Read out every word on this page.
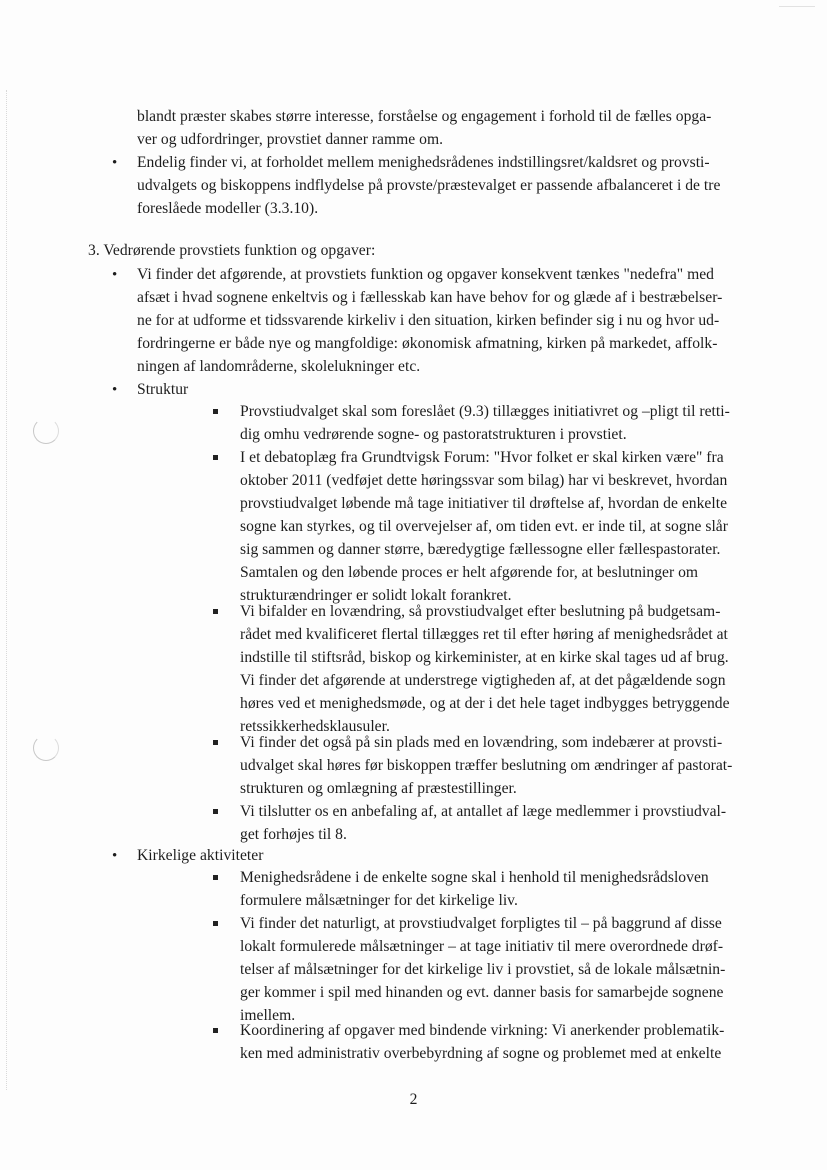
blandt præster skabes større interesse, forståelse og engagement i forhold til de fælles opga-
ver og udfordringer, provstiet danner ramme om.
•
Endelig finder vi, at forholdet mellem menighedsrådenes indstillingsret/kaldsret og provsti-
udvalgets og biskoppens indflydelse på provste/præstevalget er passende afbalanceret i de tre
foreslåede modeller (3.3.10).
3. Vedrørende provstiets funktion og opgaver:
•
Vi finder det afgørende, at provstiets funktion og opgaver konsekvent tænkes "nedefra" med
afsæt i hvad sognene enkeltvis og i fællesskab kan have behov for og glæde af i bestræbelser-
ne for at udforme et tidssvarende kirkeliv i den situation, kirken befinder sig i nu og hvor ud-
fordringerne er både nye og mangfoldige: økonomisk afmatning, kirken på markedet, affolk-
ningen af landområderne, skolelukninger etc.
•
Struktur
Provstiudvalget skal som foreslået (9.3) tillægges initiativret og –pligt til retti-
dig omhu vedrørende sogne- og pastoratstrukturen i provstiet.
I et debatoplæg fra Grundtvigsk Forum: "Hvor folket er skal kirken være" fra
oktober 2011 (vedføjet dette høringssvar som bilag) har vi beskrevet, hvordan
provstiudvalget løbende må tage initiativer til drøftelse af, hvordan de enkelte
sogne kan styrkes, og til overvejelser af, om tiden evt. er inde til, at sogne slår
sig sammen og danner større, bæredygtige fællessogne eller fællespastorater.
Samtalen og den løbende proces er helt afgørende for, at beslutninger om
strukturændringer er solidt lokalt forankret.
Vi bifalder en lovændring, så provstiudvalget efter beslutning på budgetsam-
rådet med kvalificeret flertal tillægges ret til efter høring af menighedsrådet at
indstille til stiftsråd, biskop og kirkeminister, at en kirke skal tages ud af brug.
Vi finder det afgørende at understrege vigtigheden af, at det pågældende sogn
høres ved et menighedsmøde, og at der i det hele taget indbygges betryggende
retssikkerhedsklausuler.
Vi finder det også på sin plads med en lovændring, som indebærer at provsti-
udvalget skal høres før biskoppen træffer beslutning om ændringer af pastorat-
strukturen og omlægning af præstestillinger.
Vi tilslutter os en anbefaling af, at antallet af læge medlemmer i provstiudval-
get forhøjes til 8.
•
Kirkelige aktiviteter
Menighedsrådene i de enkelte sogne skal i henhold til menighedsrådsloven
formulere målsætninger for det kirkelige liv.
Vi finder det naturligt, at provstiudvalget forpligtes til – på baggrund af disse
lokalt formulerede målsætninger – at tage initiativ til mere overordnede drøf-
telser af målsætninger for det kirkelige liv i provstiet, så de lokale målsætnin-
ger kommer i spil med hinanden og evt. danner basis for samarbejde sognene
imellem.
Koordinering af opgaver med bindende virkning: Vi anerkender problematik-
ken med administrativ overbebyrdning af sogne og problemet med at enkelte
2
